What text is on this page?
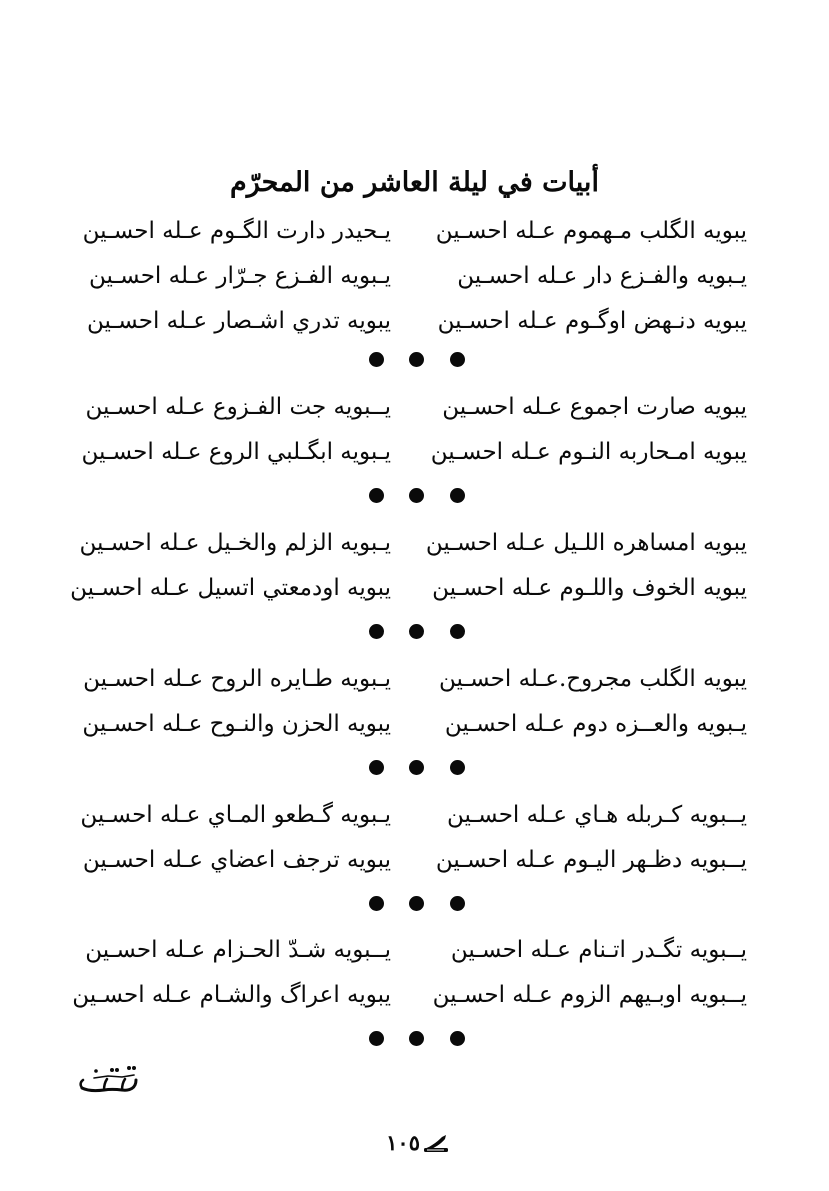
أبيات في ليلة العاشر من المحرّم
يـحيدر دارت الگـوم عـله احسـين	يبويه الگلب مـهموم عـله احسـين
يـبويه الفـزع جـرّار عـله احسـين	يـبويه والفـزع دار عـله احسـين
يبويه تدري اشـصار عـله احسـين	يبويه دنـهض اوگـوم عـله احسـين
يــبويه جت الفـزوع عـله احسـين	يبويه صارت اجموع عـله احسـين
يـبويه ابگـلبي الروع عـله احسـين يبويه امـحاربه النـوم عـله احسـين
يـبويه الزلم والخـيل عـله احسـين يبويه امساهره اللـيل عـله احسـين
يبويه اودمعتي اتسيل عـله احسـين يبويه الخوف واللـوم عـله احسـين
يـبويه طـايره الروح عـله احسـين	يبويه الگلب مجروح.عـله احسـين
يبويه الحزن والنـوح عـله احسـين	يـبويه والعــزه دوم عـله احسـين
يـبويه گـطعو المـاي عـله احسـين	يــبويه كـربله هـاي عـله احسـين
يبويه ترجف اعضاي عـله احسـين	يــبويه دظـهر اليـوم عـله احسـين
يــبويه شـدّ الحـزام عـله احسـين	يــبويه تگـدر اتـنام عـله احسـين
يبويه اعراگ والشـام عـله احسـين يــبويه اوبـيهم الزوم عـله احسـين
١٠٥
